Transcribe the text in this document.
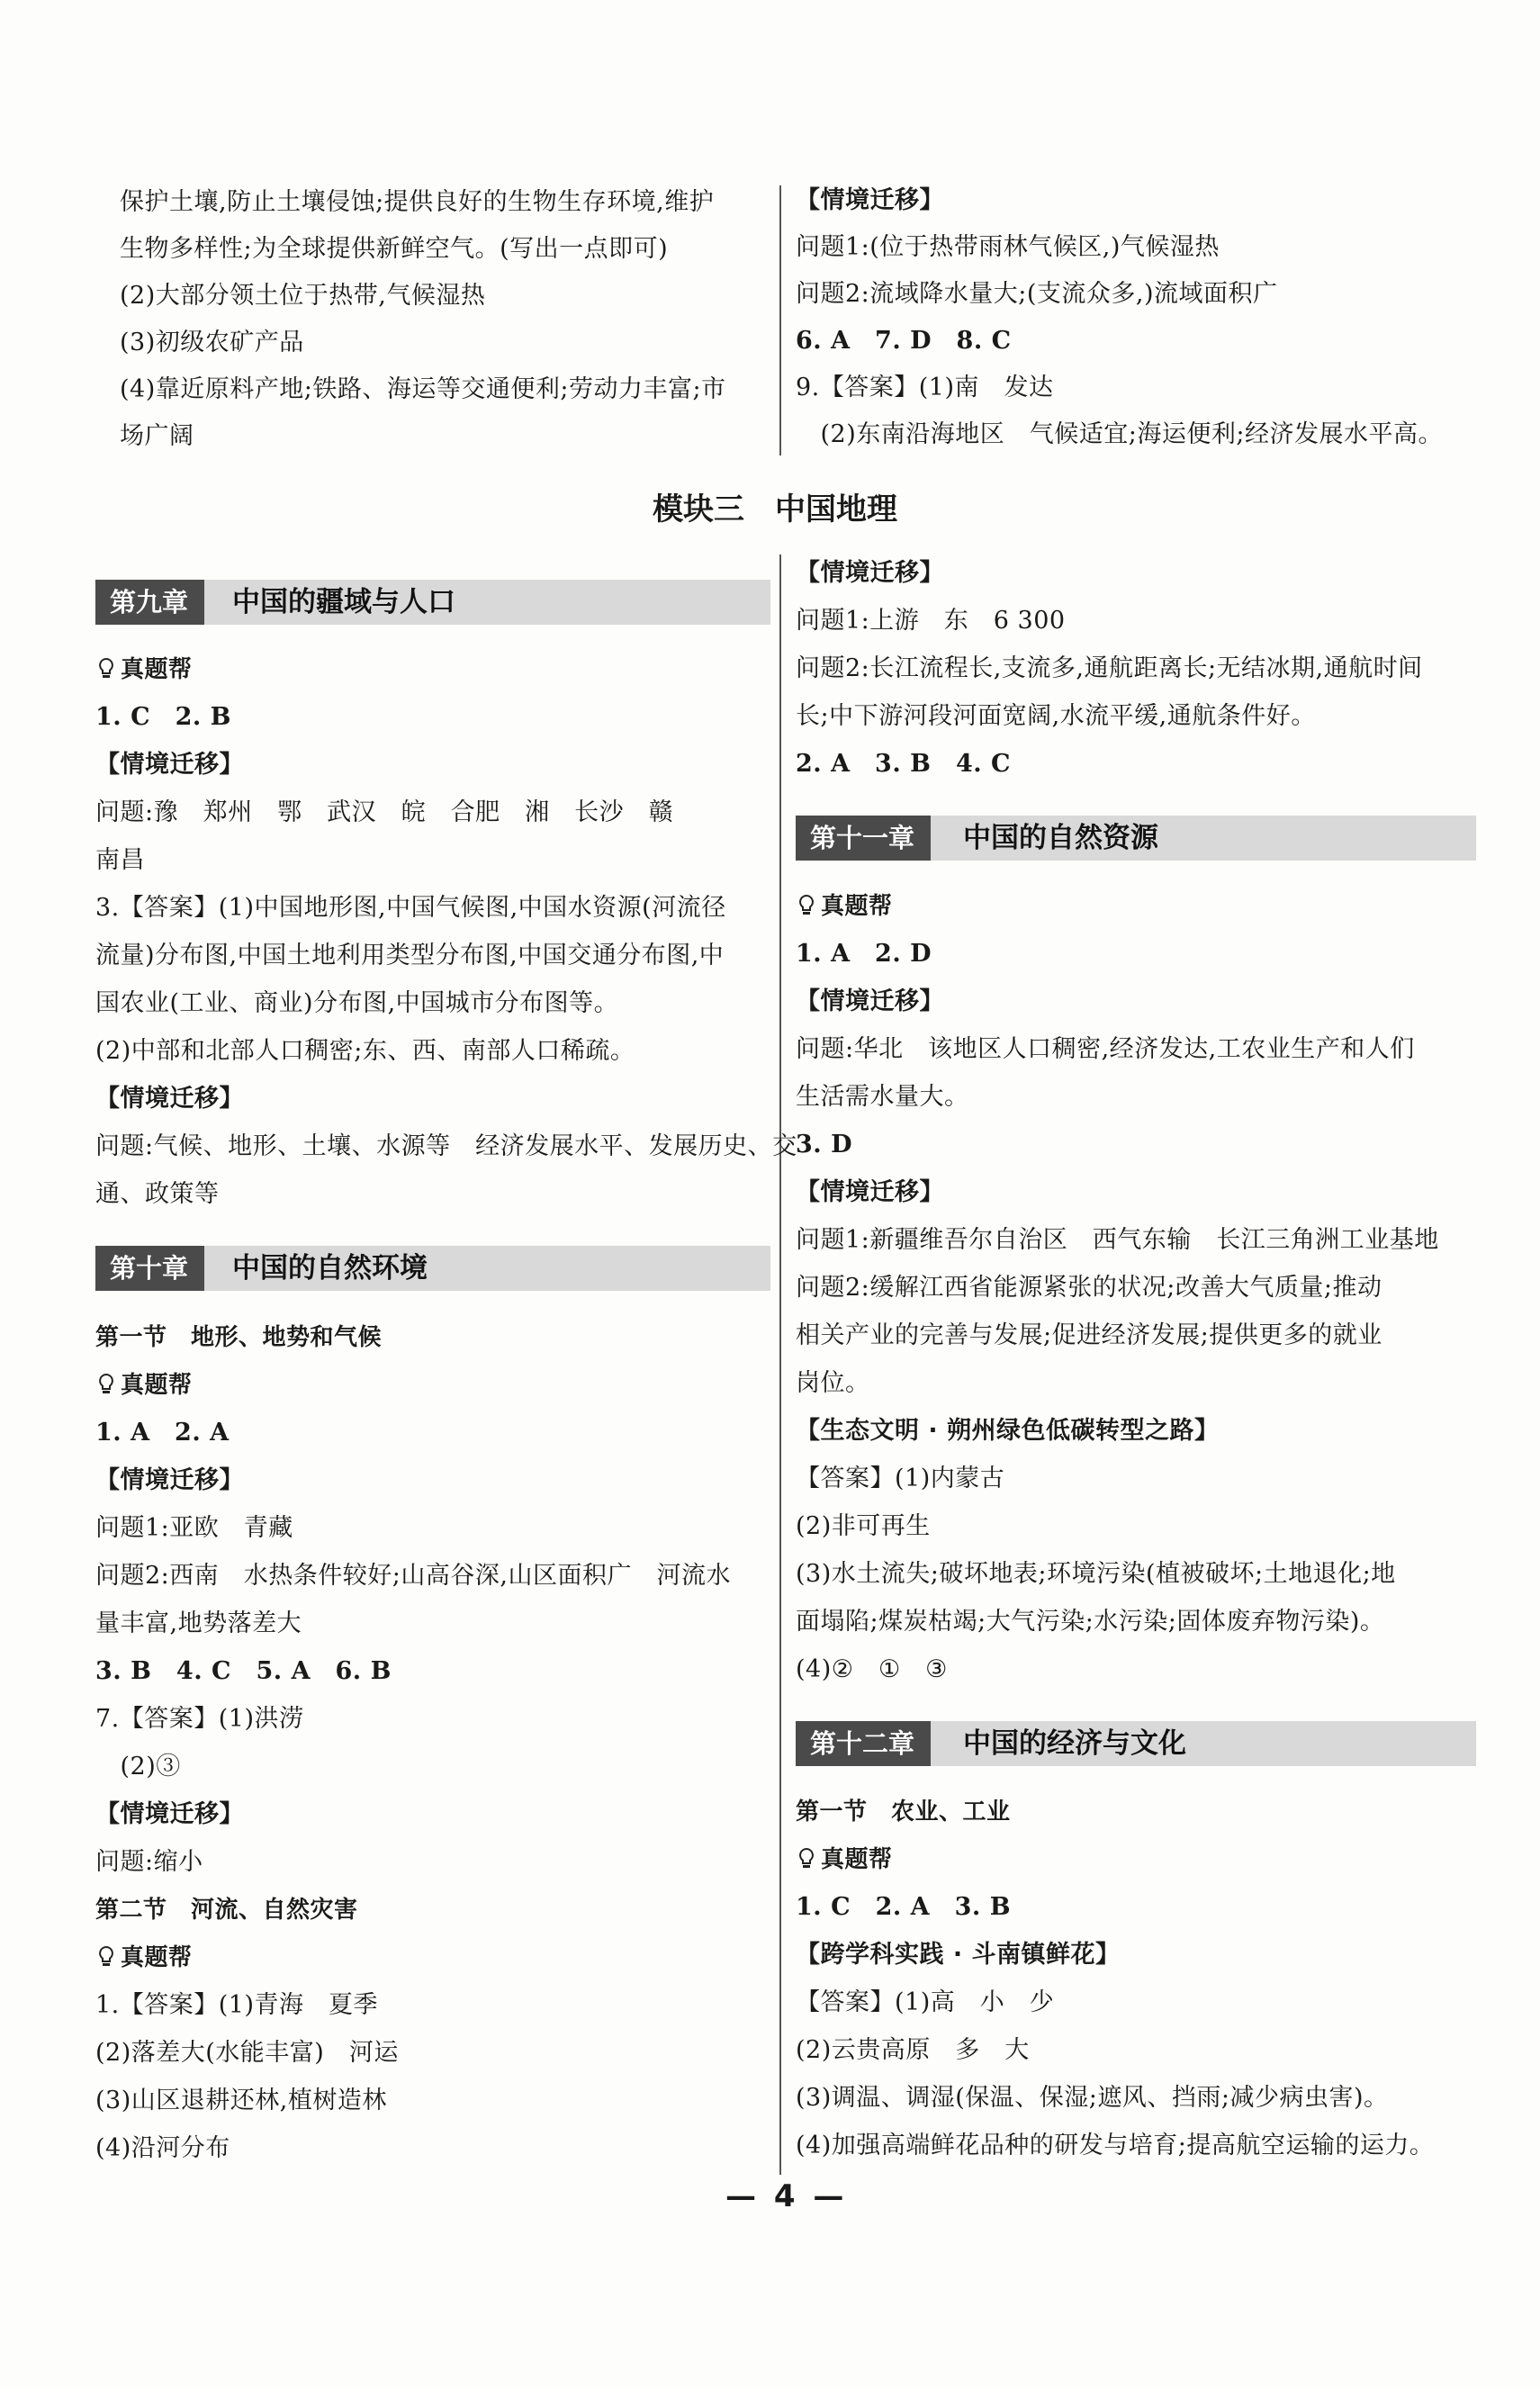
保护土壤,防止土壤侵蚀;提供良好的生物生存环境,维护
生物多样性;为全球提供新鲜空气。(写出一点即可)
(2)大部分领土位于热带,气候湿热
(3)初级农矿产品
(4)靠近原料产地;铁路、海运等交通便利;劳动力丰富;市
场广阔
【情境迁移】
问题1:(位于热带雨林气候区,)气候湿热
问题2:流域降水量大;(支流众多,)流域面积广
6. A　7. D　8. C
9.【答案】(1)南　发达
　(2)东南沿海地区　气候适宜;海运便利;经济发展水平高。
模块三　中国地理
第九章	中国的疆域与人口
真题帮
1. C　2. B
【情境迁移】
问题:豫　郑州　鄂　武汉　皖　合肥　湘　长沙　赣
南昌
3.【答案】(1)中国地形图,中国气候图,中国水资源(河流径
流量)分布图,中国土地利用类型分布图,中国交通分布图,中
国农业(工业、商业)分布图,中国城市分布图等。
(2)中部和北部人口稠密;东、西、南部人口稀疏。
【情境迁移】
问题:气候、地形、土壤、水源等　经济发展水平、发展历史、交
通、政策等
第十章	中国的自然环境
第一节　地形、地势和气候
真题帮
1. A　2. A
【情境迁移】
问题1:亚欧　青藏
问题2:西南　水热条件较好;山高谷深,山区面积广　河流水
量丰富,地势落差大
3. B　4. C　5. A　6. B
7.【答案】(1)洪涝
　(2)③
【情境迁移】
问题:缩小
第二节　河流、自然灾害
真题帮
1.【答案】(1)青海　夏季
(2)落差大(水能丰富)　河运
(3)山区退耕还林,植树造林
(4)沿河分布
【情境迁移】
问题1:上游　东　6 300
问题2:长江流程长,支流多,通航距离长;无结冰期,通航时间
长;中下游河段河面宽阔,水流平缓,通航条件好。
2. A　3. B　4. C
第十一章	中国的自然资源
真题帮
1. A　2. D
【情境迁移】
问题:华北　该地区人口稠密,经济发达,工农业生产和人们
生活需水量大。
3. D
【情境迁移】
问题1:新疆维吾尔自治区　西气东输　长江三角洲工业基地
问题2:缓解江西省能源紧张的状况;改善大气质量;推动
相关产业的完善与发展;促进经济发展;提供更多的就业
岗位。
【生态文明 · 朔州绿色低碳转型之路】
【答案】(1)内蒙古
(2)非可再生
(3)水土流失;破坏地表;环境污染(植被破坏;土地退化;地
面塌陷;煤炭枯竭;大气污染;水污染;固体废弃物污染)。
(4)②　①　③
第十二章	中国的经济与文化
第一节　农业、工业
真题帮
1. C　2. A　3. B
【跨学科实践 · 斗南镇鲜花】
【答案】(1)高　小　少
(2)云贵高原　多　大
(3)调温、调湿(保温、保湿;遮风、挡雨;减少病虫害)。
(4)加强高端鲜花品种的研发与培育;提高航空运输的运力。
— 4 —
